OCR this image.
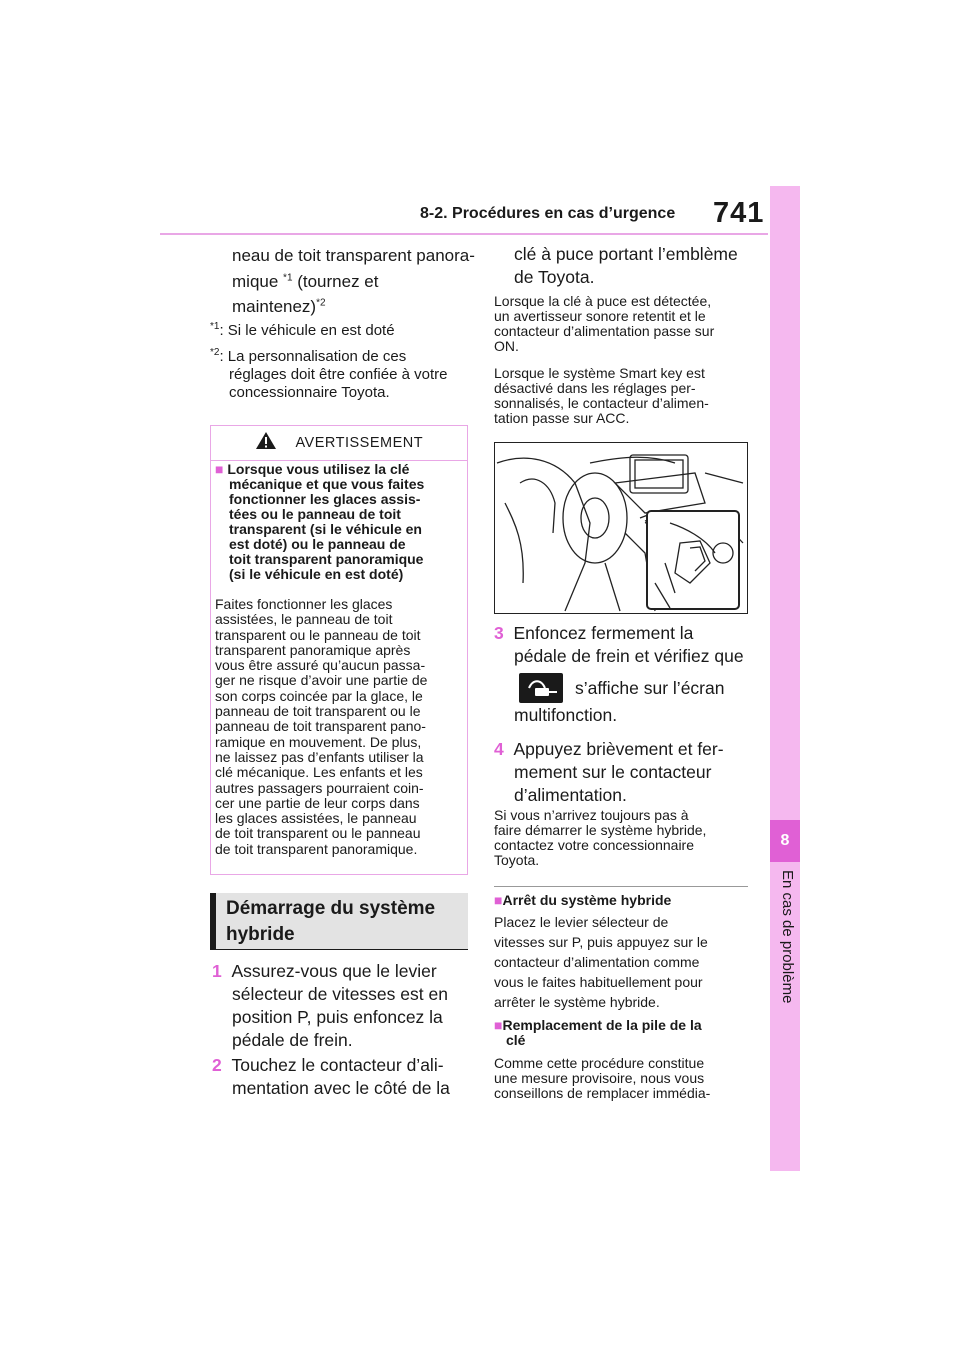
8-2. Procédures en cas d’urgence 741
8
En cas de problème
neau de toit transparent panora-
mique $^{*1}$ (tournez et
maintenez)$^{*2}$
$^{*1}$: Si le véhicule en est doté
$^{*2}$: La personnalisation de ces
réglages doit être confiée à votre
concessionnaire Toyota.
AVERTISSEMENT
■ Lorsque vous utilisez la clé
mécanique et que vous faites
fonctionner les glaces assis-
tées ou le panneau de toit
transparent (si le véhicule en
est doté) ou le panneau de
toit transparent panoramique
(si le véhicule en est doté)
Faites fonctionner les glaces
assistées, le panneau de toit
transparent ou le panneau de toit
transparent panoramique après
vous être assuré qu’aucun passa-
ger ne risque d’avoir une partie de
son corps coincée par la glace, le
panneau de toit transparent ou le
panneau de toit transparent pano-
ramique en mouvement. De plus,
ne laissez pas d’enfants utiliser la
clé mécanique. Les enfants et les
autres passagers pourraient coin-
cer une partie de leur corps dans
les glaces assistées, le panneau
de toit transparent ou le panneau
de toit transparent panoramique.
Démarrage du système
hybride
1 Assurez-vous que le levier
sélecteur de vitesses est en
position P, puis enfoncez la
pédale de frein.
2 Touchez le contacteur d’ali-
mentation avec le côté de la
clé à puce portant l’emblème
de Toyota.
Lorsque la clé à puce est détectée,
un avertisseur sonore retentit et le
contacteur d’alimentation passe sur
ON.
Lorsque le système Smart key est
désactivé dans les réglages per-
sonnalisés, le contacteur d’alimen-
tation passe sur ACC.
3 Enfoncez fermement la
pédale de frein et vérifiez que
s’affiche sur l’écran
multifonction.
4 Appuyez brièvement et fer-
mement sur le contacteur
d’alimentation.
Si vous n’arrivez toujours pas à
faire démarrer le système hybride,
contactez votre concessionnaire
Toyota.
■Arrêt du système hybride
Placez le levier sélecteur de
vitesses sur P, puis appuyez sur le
contacteur d’alimentation comme
vous le faites habituellement pour
arrêter le système hybride.
■Remplacement de la pile de la
clé
Comme cette procédure constitue
une mesure provisoire, nous vous
conseillons de remplacer immédia-
